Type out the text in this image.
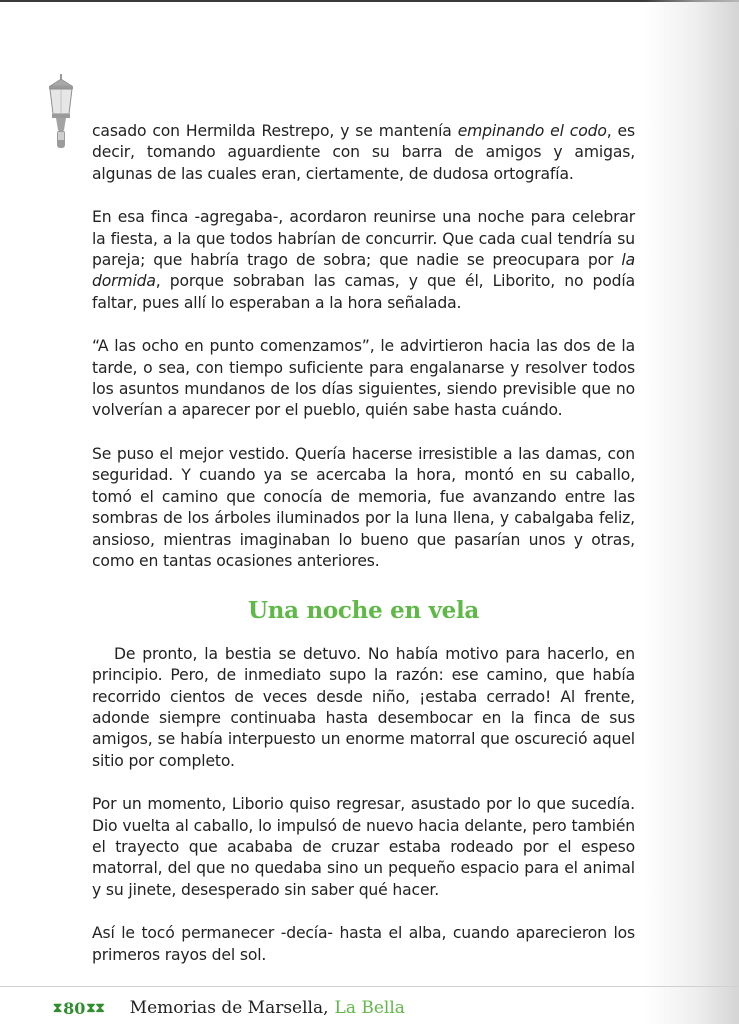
casado con Hermilda Restrepo, y se mantenía empinando el codo, es decir, tomando aguardiente con su barra de amigos y amigas, algunas de las cuales eran, ciertamente, de dudosa ortografía.

En esa finca -agregaba-, acordaron reunirse una noche para celebrar la fiesta, a la que todos habrían de concurrir. Que cada cual tendría su pareja; que habría trago de sobra; que nadie se preocupara por la dormida, porque sobraban las camas, y que él, Liborito, no podía faltar, pues allí lo esperaban a la hora señalada.

“A las ocho en punto comenzamos”, le advirtieron hacia las dos de la tarde, o sea, con tiempo suficiente para engalanarse y resolver todos los asuntos mundanos de los días siguientes, siendo previsible que no volverían a aparecer por el pueblo, quién sabe hasta cuándo.

Se puso el mejor vestido. Quería hacerse irresistible a las damas, con seguridad. Y cuando ya se acercaba la hora, montó en su caballo, tomó el camino que conocía de memoria, fue avanzando entre las sombras de los árboles iluminados por la luna llena, y cabalgaba feliz, ansioso, mientras imaginaban lo bueno que pasarían unos y otras, como en tantas ocasiones anteriores.

Una noche en vela

De pronto, la bestia se detuvo. No había motivo para hacerlo, en principio. Pero, de inmediato supo la razón: ese camino, que había recorrido cientos de veces desde niño, ¡estaba cerrado! Al frente, adonde siempre continuaba hasta desembocar en la finca de sus amigos, se había interpuesto un enorme matorral que oscureció aquel sitio por completo.

Por un momento, Liborio quiso regresar, asustado por lo que sucedía. Dio vuelta al caballo, lo impulsó de nuevo hacia delante, pero también el trayecto que acababa de cruzar estaba rodeado por el espeso matorral, del que no quedaba sino un pequeño espacio para el animal y su jinete, desesperado sin saber qué hacer.

Así le tocó permanecer -decía- hasta el alba, cuando aparecieron los primeros rayos del sol.

⧗ 80 ⧗⧗ Memorias de Marsella, La Bella
